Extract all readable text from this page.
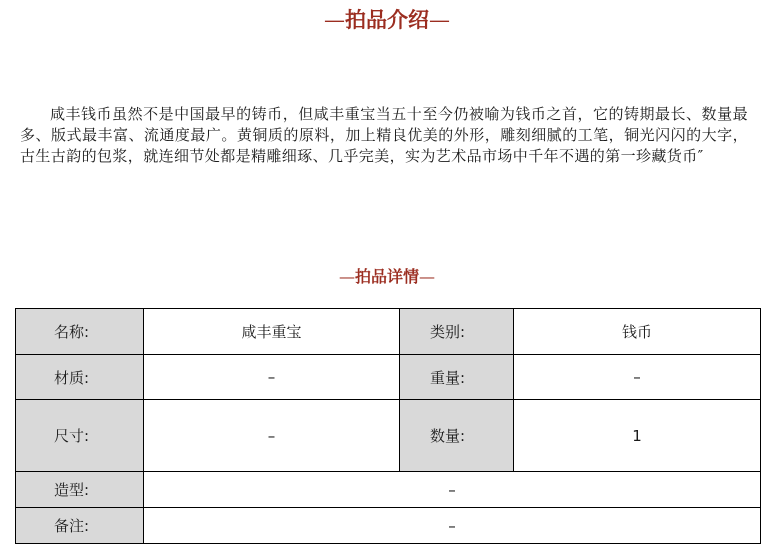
—拍品介绍—

咸丰钱币虽然不是中国最早的铸币，但咸丰重宝当五十至今仍被喻为钱币之首，它的铸期最长、数量最多、版式最丰富、流通度最广。黄铜质的原料，加上精良优美的外形，雕刻细腻的工笔，铜光闪闪的大字，古生古韵的包浆，就连细节处都是精雕细琢、几乎完美，实为艺术品市场中千年不遇的第一珍藏货币″

—拍品详情—
名称:	咸丰重宝	类别:	钱币
材质:	–	重量:	–
尺寸:	–	数量:	1
造型:	–		
备注:	–		
